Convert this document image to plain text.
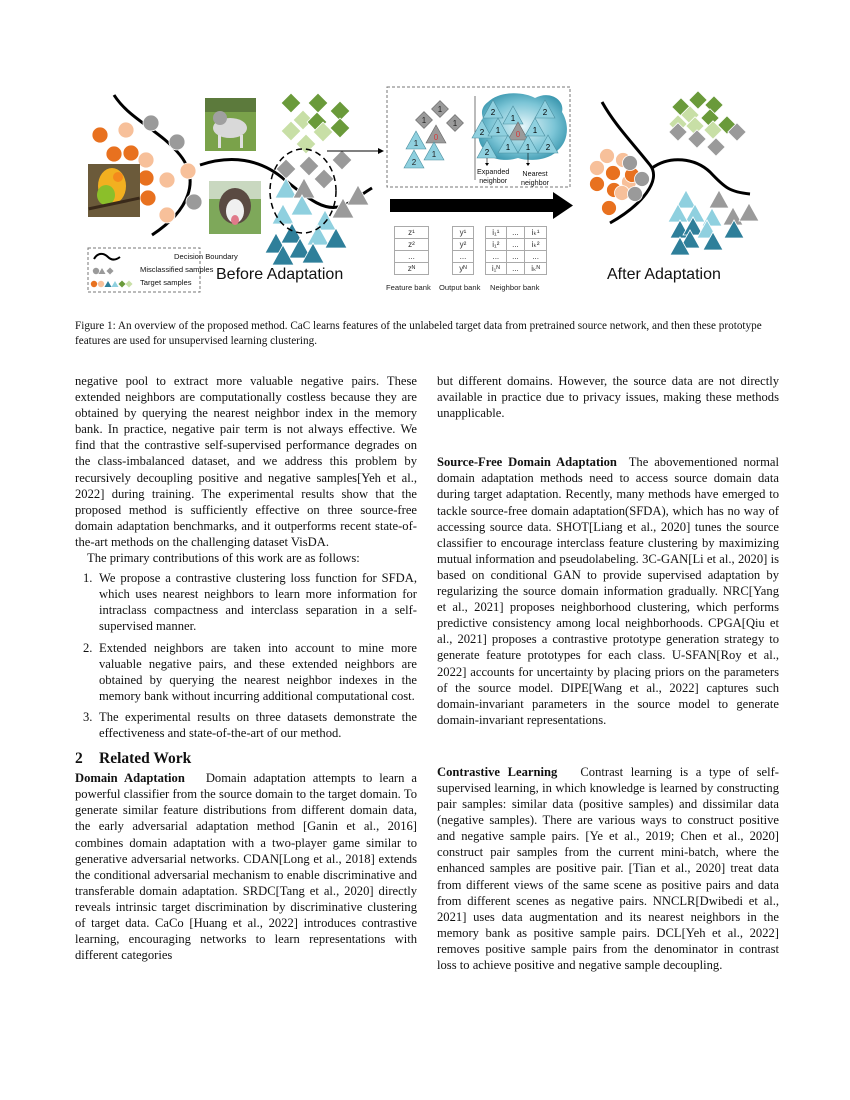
1
1
1
0
1
1
2
2
1
2
2 1 0 1
1 1 2
2
Decision Boundary
Misclassified samples
Target samples Before Adaptation	After Adaptation
Expanded
neighbor
Nearest
neighbor
z¹
z²
...
zᴺ
y¹
y²
...
yᴺ
i₁¹	...	iₖ¹
i₁²	...	iₖ²
...	...	...
i₁ᴺ	...	iₖᴺ
Feature bank Output bank Neighbor bank
Figure 1: An overview of the proposed method. CaC learns features of the unlabeled target data from pretrained source network, and then these prototype features are used for unsupervised learning clustering.

negative pool to extract more valuable negative pairs. These extended neighbors are computationally costless because they are obtained by querying the nearest neighbor index in the memory bank. In practice, negative pair term is not always effective. We find that the contrastive self-supervised performance degrades on the class-imbalanced dataset, and we address this problem by recursively decoupling positive and negative samples[Yeh et al., 2022] during training. The experimental results show that the proposed method is sufficiently effective on three source-free domain adaptation benchmarks, and it outperforms recent state-of-the-art methods on the challenging dataset VisDA.

The primary contributions of this work are as follows:

1. We propose a contrastive clustering loss function for SFDA, which uses nearest neighbors to learn more information for intraclass compactness and interclass separation in a self-supervised manner.
2. Extended neighbors are taken into account to mine more valuable negative pairs, and these extended neighbors are obtained by querying the nearest neighbor indexes in the memory bank without incurring additional computational cost.
3. The experimental results on three datasets demonstrate the effectiveness and state-of-the-art of our method.
2 Related Work

Domain Adaptation Domain adaptation attempts to learn a powerful classifier from the source domain to the target domain. To generate similar feature distributions from different domain data, the early adversarial adaptation method [Ganin et al., 2016] combines domain adaptation with a two-player game similar to generative adversarial networks. CDAN[Long et al., 2018] extends the conditional adversarial mechanism to enable discriminative and transferable domain adaptation. SRDC[Tang et al., 2020] directly reveals intrinsic target discrimination by discriminative clustering of target data. CaCo [Huang et al., 2022] introduces contrastive learning, encouraging networks to learn representations with different categories

but different domains. However, the source data are not directly available in practice due to privacy issues, making these methods unapplicable.

Source-Free Domain Adaptation The abovementioned normal domain adaptation methods need to access source domain data during target adaptation. Recently, many methods have emerged to tackle source-free domain adaptation(SFDA), which has no way of accessing source data. SHOT[Liang et al., 2020] tunes the source classifier to encourage interclass feature clustering by maximizing mutual information and pseudolabeling. 3C-GAN[Li et al., 2020] is based on conditional GAN to provide supervised adaptation by regularizing the source domain information gradually. NRC[Yang et al., 2021] proposes neighborhood clustering, which performs predictive consistency among local neighborhoods. CPGA[Qiu et al., 2021] proposes a contrastive prototype generation strategy to generate feature prototypes for each class. U-SFAN[Roy et al., 2022] accounts for uncertainty by placing priors on the parameters of the source model. DIPE[Wang et al., 2022] captures such domain-invariant parameters in the source model to generate domain-invariant representations.

Contrastive Learning Contrast learning is a type of self-supervised learning, in which knowledge is learned by constructing pair samples: similar data (positive samples) and dissimilar data (negative samples). There are various ways to construct positive and negative sample pairs. [Ye et al., 2019; Chen et al., 2020] construct pair samples from the current mini-batch, where the enhanced samples are positive pair. [Tian et al., 2020] treat data from different views of the same scene as positive pairs and data from different scenes as negative pairs. NNCLR[Dwibedi et al., 2021] uses data augmentation and its nearest neighbors in the memory bank as positive sample pairs. DCL[Yeh et al., 2022] removes positive sample pairs from the denominator in contrast loss to achieve positive and negative sample decoupling.
